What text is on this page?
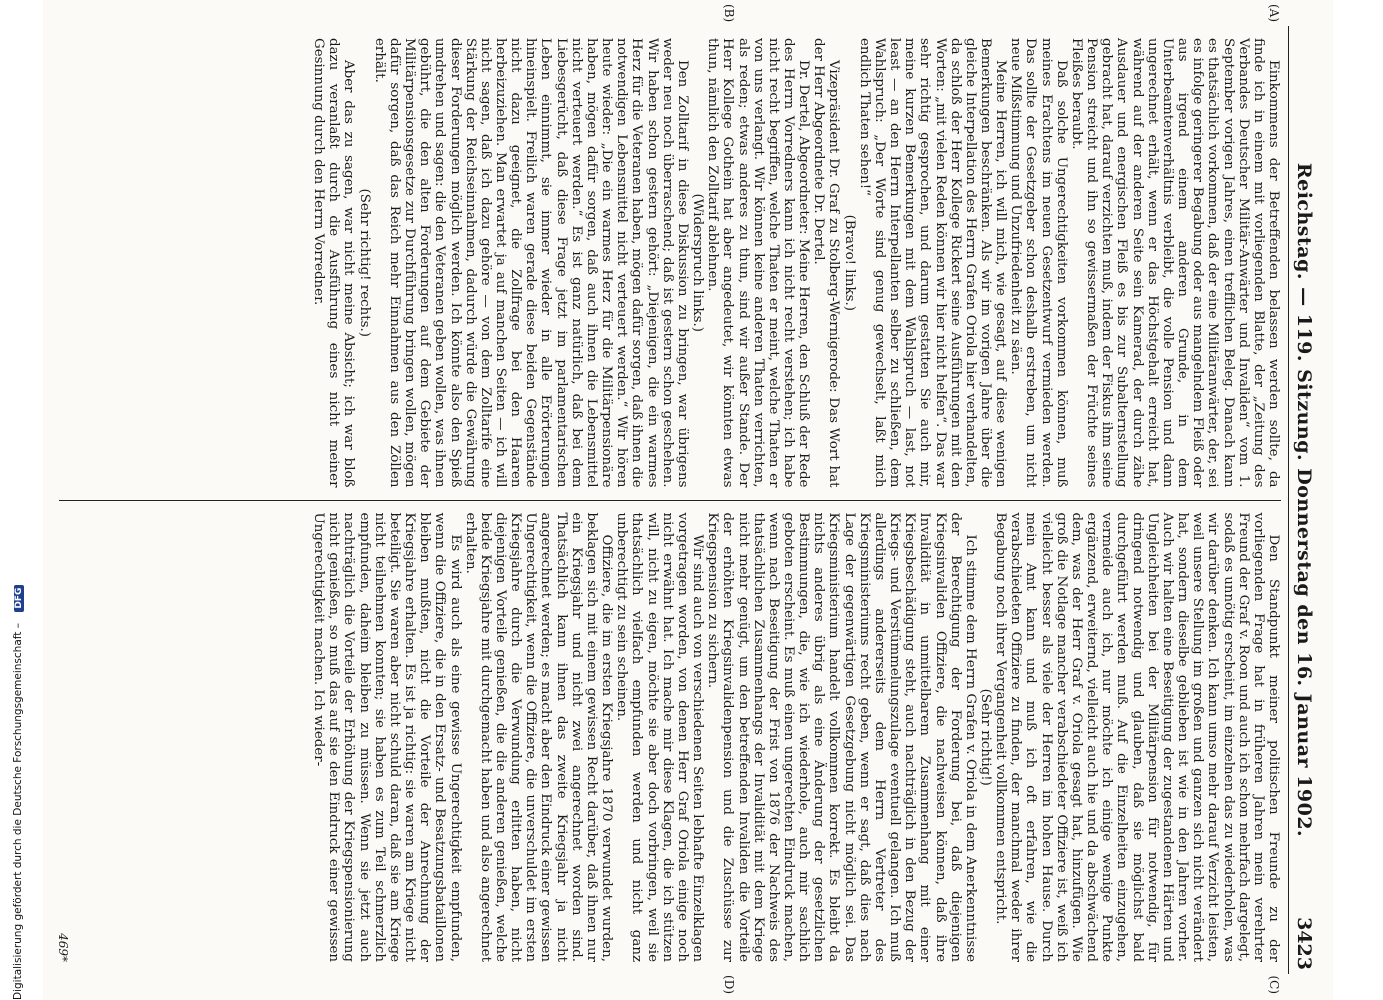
Reichstag. — 119. Sitzung. Donnerstag den 16. Januar 1902.
3423
(A)
(B)

Einkommens der Betreffenden belassen werden sollte, da finde ich in einem mit vorliegenden Blatte, der „Zeitung des Verbandes Deutscher Militär-Anwärter und Invaliden“ vom 1. September vorigen Jahres, einen trefflichen Beleg. Danach kann es thatsächlich vorkommen, daß der eine Militäranwärter, der, sei es infolge geringerer Begabung oder aus mangelndem Fleiß oder aus irgend einem anderen Grunde, in dem Unterbeamtenverhältnis verbleibt, die volle Pension und dann ungerechnet erhält, wenn er das Höchstgehalt erreicht hat, während auf der anderen Seite sein Kamerad, der durch zähe Ausdauer und energischen Fleiß es bis zur Subalternstellung gebracht hat, darauf verzichten muß, indem der Fiskus ihm seine Pension streicht und ihn so gewissermaßen der Früchte seines Fleißes beraubt.

Daß solche Ungerechtigkeiten vorkommen können, muß meines Erachtens im neuen Gesetzentwurf vermieden werden. Das sollte der Gesetzgeber schon deshalb erstreben, um nicht neue Mißstimmung und Unzufriedenheit zu säen.

Meine Herren, ich will mich, wie gesagt, auf diese wenigen Bemerkungen beschränken. Als wir im vorigen Jahre über die gleiche Interpellation des Herrn Grafen Oriola hier verhandelten, da schloß der Herr Kollege Rickert seine Ausführungen mit den Worten: „mit vielen Reden können wir hier nicht helfen“. Das war sehr richtig gesprochen, und darum gestatten Sie auch mir, meine kurzen Bemerkungen mit dem Wahlspruch — last, not least — an den Herrn Interpellanten selber zu schließen, dem Wahlspruch: „Der Worte sind genug gewechselt, laßt mich endlich Thaten sehen!“

(Bravo! links.)

Vizepräsident Dr. Graf zu Stolberg-Wernigerode: Das Wort hat der Herr Abgeordnete Dr. Dertel.

Dr. Dertel, Abgeordneter: Meine Herren, den Schluß der Rede des Herrn Vorredners kann ich nicht recht verstehen; ich habe nicht recht begriffen, welche Thaten er meint, welche Thaten er von uns verlangt. Wir können keine anderen Thaten verrichten, als reden; etwas anderes zu thun, sind wir außer Stande. Der Herr Kollege Gothein hat aber angedeutet, wir könnten etwas thun, nämlich den Zolltarif ablehnen.

(Widerspruch links.)

Den Zolltarif in diese Diskussion zu bringen, war übrigens weder neu noch überraschend; daß ist gestern schon geschehen. Wir haben schon gestern gehört: „Diejenigen, die ein warmes Herz für die Veteranen haben, mögen dafür sorgen, daß ihnen die notwendigen Lebensmittel nicht verteuert werden.“ Wir hören heute wieder: „Die ein warmes Herz für die Militärpensionäre haben, mögen dafür sorgen, daß auch ihnen die Lebensmittel nicht verteuert werden.“ Es ist ganz natürlich, daß bei dem Liebesgerücht, daß diese Frage jetzt im parlamentarischen Leben einnimmt, sie immer wieder in alle Erörterungen hineinspielt. Freilich waren gerade diese beiden Gegenstände nicht dazu geeignet, die Zollfrage bei den Haaren herbeizuziehen. Man erwartet ja auf manchen Seiten — ich will nicht sagen, daß ich dazu gehöre — von dem Zolltarife eine Stärkung der Reichseinnahmen, dadurch würde die Gewährung dieser Forderungen möglich werden. Ich könnte also den Spieß umdrehen und sagen: die den Veteranen geben wollen, was ihnen gebührt, die den alten Forderungen auf dem Gebiete der Militärpensionsgesetze zur Durchführung bringen wollen, mögen dafür sorgen, daß das Reich mehr Einnahmen aus den Zöllen erhält.

(Sehr richtig! rechts.)

Aber das zu sagen, war nicht meine Absicht; ich war bloß dazu veranlaßt durch die Ausführung eines nicht meiner Gesinnung durch den Herrn Vorredner.

(C)
(D)

Den Standpunkt meiner politischen Freunde zu der vorliegenden Frage hat in früheren Jahren mein verehrter Freund der Graf v. Roon und auch ich schon mehrfach dargelegt, sodaß es unnötig erscheint, im einzelnen das zu wiederholen, was wir darüber denken. Ich kann umso mehr darauf Verzicht leisten, weil unsere Stellung im großen und ganzen sich nicht verändert hat, sondern dieselbe geblieben ist wie in den Jahren vorher. Auch wir halten eine Beseitigung der zugestandenen Härten und Ungleichheiten bei der Militärpension für notwendig, für dringend notwendig und glauben, daß sie möglichst bald durchgeführt werden muß. Auf die Einzelheiten einzugehen, vermeide auch ich, nur möchte ich einige wenige Punkte ergänzend, erweiternd, vielleicht auch hie und da abschwächend dem, was der Herr Graf v. Oriola gesagt hat, hinzufügen. Wie groß die Notlage mancher verabschiedeter Offiziere ist, weiß ich vielleicht besser als viele der Herren im hohen Hause. Durch mein Amt kann und muß ich oft erfahren, wie die verabschiedeten Offiziere zu finden, der manchmal weder ihrer Begabung noch ihrer Vergangenheit vollkommen entspricht.

(Sehr richtig!)

Ich stimme dem Herrn Grafen v. Oriola in dem Anerkenntnisse der Berechtigung der Forderung bei, daß diejenigen Kriegsinvaliden Offiziere, die nachweisen können, daß ihre Invalidität in unmittelbarem Zusammenhang mit einer Kriegsbeschädigung steht, auch nachträglich in den Bezug der Kriegs- und Verstümmelungszulage eventuell gelangen. Ich muß allerdings andererseits dem Herrn Vertreter des Kriegsministeriums recht geben, wenn er sagt, daß dies nach Lage der gegenwärtigen Gesetzgebung nicht möglich sei. Das Kriegsministerium handelt vollkommen korrekt. Es bleibt da nichts anderes übrig als eine Änderung der gesetzlichen Bestimmungen, die, wie ich wiederhole, auch mir sachlich geboten erscheint. Es muß einen ungerechten Eindruck machen, wenn nach Beseitigung der Frist von 1876 der Nachweis des thatsächlichen Zusammenhangs der Invalidität mit dem Kriege nicht mehr genügt, um den betreffenden Invaliden die Vorteile der erhöhten Kriegsinvalidenpension und die Zuschüsse zur Kriegspension zu sichern.

Wir sind auch von verschiedenen Seiten lebhafte Einzelklagen vorgetragen worden, von denen Herr Graf Oriola einige noch nicht erwähnt hat. Ich mache mir diese Klagen, die ich stützen will, nicht zu eigen, möchte sie aber doch vorbringen, weil sie thatsächlich vielfach empfunden werden und nicht ganz unberechtigt zu sein scheinen.

Offiziere, die im ersten Kriegsjahre 1870 verwundet wurden, beklagen sich mit einem gewissen Recht darüber, daß ihnen nur ein Kriegsjahr und nicht zwei angerechnet worden sind. Thatsächlich kann ihnen das zweite Kriegsjahr ja nicht angerechnet werden; es macht aber den Eindruck einer gewissen Ungerechtigkeit, wenn die Offiziere, die unverschuldet im ersten Kriegsjahre durch die Verwundung erlitten haben, nicht diejenigen Vorteile genießen, die die anderen genießen, welche beide Kriegsjahre mit durchgemacht haben und also angerechnet erhalten.

Es wird auch als eine gewisse Ungerechtigkeit empfunden, wenn die Offiziere, die in den Ersatz- und Besatzungsbataillonen bleiben mußten, nicht die Vorteile der Anrechnung der Kriegsjahre erhalten. Es ist ja richtig: sie waren am Kriege nicht beteiligt. Sie waren aber nicht schuld daran, daß sie am Kriege nicht teilnehmen konnten; sie haben es zum Teil schmerzlich empfunden, daheim bleiben zu müssen. Wenn sie jetzt auch nachträglich die Vorteile der Erhöhung der Kriegspensionierung nicht genießen, so muß das auf sie den Eindruck einer gewissen Ungerechtigkeit machen. Ich wieder-

469*
Digitalisierung gefördert durch die Deutsche Forschungsgemeinschaft – DFG
